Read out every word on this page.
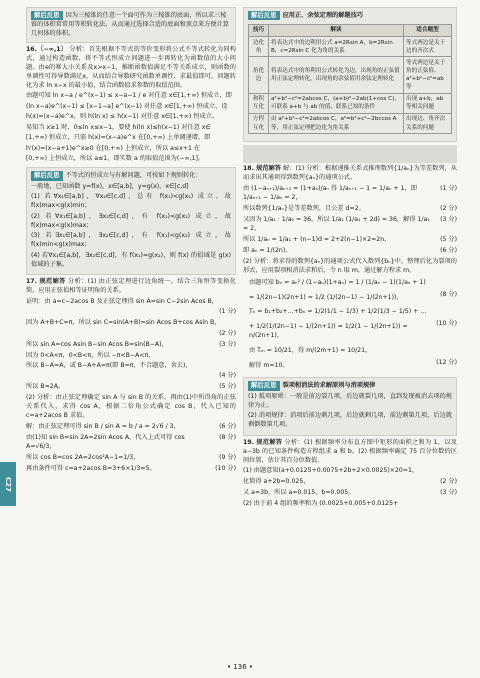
C27
解后反思 因为三棱锥的任意一个面可作为三棱锥的底面，所以求三棱锥的体积常常用等积转化法，从而通过选择合适的底面和顶点来方便计算几何体的体积。
16.〔−∞,1〕 分析：首先根据不等式的等价变形将公式不等式转化为同构式，通过构造函数，将不等式恒成立问题进一步再转化为函数值的大小问题。由e的幂大小关系及x>x−1，推断函数值满足不等关系成立，则函数的单调性可得导数满足x，从而结合导数研究函数单调性、求最值即可，问题转化为求 ln x−x 的最小值，结合函数值求参数的取值范围。
由题可知 ln x−a / e^(x−1) ≤ x−a−1 / e 对任意 x∈[1,+∞) 恒成立，即
(ln x−a)e^(x−1) ≤ [x−1−a] e^(x−1) 对任意 x∈[1,+∞) 恒成立，设
h(x)=(x−a)e^x，则 h(ln x) ≤ h(x−1) 对任意 x∈[1,+∞) 恒成立。
易知当 x≥1 时，0≤ln x≤x−1，要使 h(ln x)≤h(x−1) 对任意 x∈
[1,+∞) 恒成立，只需 h(x)=(x−a)e^x 在[0,+∞) 上单调递增，即
h'(x)=(x−a+1)e^x≥0 在[0,+∞) 上恒成立，所以 a≤x+1 在
[0,+∞) 上恒成立，所以 a≤1，即实数 a 的取值范围为(−∞,1]。
解后反思 不等式的恒成立与有解问题，可按如下规则转化：
一般地，已知函数 y=f(x)，x∈[a,b]，y=g(x)，x∈[c,d]
(1) 若∀x₁∈[a,b]，∀x₂∈[c,d]，总有 f(x₁)<g(x₂) 成立，故 f(x)max<g(x)min；
(2) 若∀x₁∈[a,b]，∃x₂∈[c,d]，有 f(x₁)<g(x₂) 成立，故 f(x)max<g(x)max；
(3) 若∃x₁∈[a,b]，∃x₂∈[c,d]，有 f(x₁)<g(x₂) 成立，故 f(x)min<g(x)max；
(4) 若∀x₁∈[a,b]，∃x₂∈[c,d]，有 f(x₁)=g(x₂)，则 f(x) 的值域是 g(x) 值域的子集。
17. 规范解答 分析：(1) 由正弦定理进行边角统一，结合三角恒等变换化简，应用正弦值相等证明角的关系。
证明：由 a=c−2acos B 及正弦定理得 sin A=sin C−2sin Acos B，
(1 分)
因为 A+B+C=π，所以 sin C=sin(A+B)=sin Acos B+cos Asin B，
(2 分)
所以 sin A=cos Asin B−sin Acos B=sin(B−A)，	(3 分)
因为 0<A<π，0<B<π，所以 −π<B−A<π，
所以 B−A=A，或 B−A+A=π(即 B=π，不合题意，舍去)，
(4 分)
所以 B=2A。	(5 分)
(2) 分析：由正弦定理确定 sin A 与 sin B 的关系，再由(1)中所得角的正弦关系代入，求得 cos A，根据二倍角公式确定 cos B，代入已知的 c=a+2acos B 求值。
解：由正弦定理可得 sin B / sin A = b / a = 2√6 / 3，	(6 分)
由(1)知 sin B=sin 2A=2sin Acos A，代入上式可得 cos A=√6/3，
(8 分)
所以 cos B=cos 2A=2cos²A−1=1/3，	(9 分)
再由条件可得 c=a+2acos B=3+6×1/3=5。	(10 分)
解后反思 应用正、余弦定理的解题技巧
技巧	解读	适合题型
边化角	将表达式中的边利用公式 a=2Rsin A，b=2Rsin B，c=2Rsin C 化为角的关系	等式两边是关于边的齐次式
角化边	将表达式中的角利用公式转化为边，出现角的正弦值用正弦定理转化，出现角的余弦值用余弦定理转化	等式两边是关于角的正弦值、a²+b²−c²=ab 等
和积互化	a²+b²−c²=2abcos C，(a+b)²−2ab(1+cos C)，可联系 a+b 与 ab 的值，联系已知的条件	出现 a+b，ab 等相关问题
方程互化	由 a²+b²−c²=2abcos C，a²=b²+c²−2bccos A 等，用正弦定理把边化为角关系	出现边、角齐次关系的问题
18. 规范解答 解：(1) 分析：根据递推关系式推理数列{1/aₙ}为等差数列，从而求出其通项得到数列{aₙ}的通项公式。
由 (1−aₙ₊₁)/aₙ₊₁ = (1+aₙ)/aₙ 得 1/aₙ₊₁ − 1 = 1/aₙ + 1，即 1/aₙ₊₁ − 1/aₙ = 2，
(1 分)
所以数列{1/aₙ}是等差数列，且公差 d=2。	(2 分)
又因为 1/a₁ · 1/a₂ = 36，所以 1/a₁ (1/a₁ + 2d) = 36，解得 1/a₁ = 2，
(3 分)
所以 1/aₙ = 1/a₁ + (n−1)d = 2+2(n−1)×2=2n，	(5 分)
即 aₙ = 1/(2n)。	(6 分)
(2) 分析：将求得的数列{aₙ}的通项公式代入数列{bₙ}中，整理后化为裂项的形式，应用裂项相消法求和后，令 n 取 m，通过解方程求 m。
由题可知 bₙ = aₙ² / (1−aₙ)(1+aₙ) = 1 / (1/aₙ − 1)(1/aₙ + 1)
= 1/(2n−1)(2n+1) = 1/2 (1/(2n−1) − 1/(2n+1))，	(8 分)
Tₙ = b₁+b₂+…+bₙ = 1/2(1/1 − 1/3) + 1/2(1/3 − 1/5) + …
+ 1/2(1/(2n−1) − 1/(2n+1)) = 1/2(1 − 1/(2n+1)) = n/(2n+1)，
(10 分)
由 Tₘ = 10/21，得 m/(2m+1) = 10/21，
解得 m=10。	(12 分)
解后反思 裂项相消法的求解原则与消项规律
(1) 抵项原则：一般是前边裂几项，后边就裂几项，直到发现被消去项的规律为止。
(2) 消项规律：消项后前边剩几项，后边就剩几项，前边剩第几项，后边就剩倒数第几项。
19. 规范解答 分析：(1) 根据频率分布直方图中矩形的面积之和为 1，以及 a−3b 的已知条件构造方程组求 a 和 b。(2) 根据频率确定 75 百分位数的区间位置，估计其百分位数值。
(1) 由题意知(a+0.0125+0.0075+2b+2×0.0025)×20=1，
化简得 a+2b=0.025，	(2 分)
又 a=3b，所以 a=0.015，b=0.005。	(3 分)
(2) 由于前 4 组的频率和为 (0.0025+0.005+0.0125+
• 136 •
